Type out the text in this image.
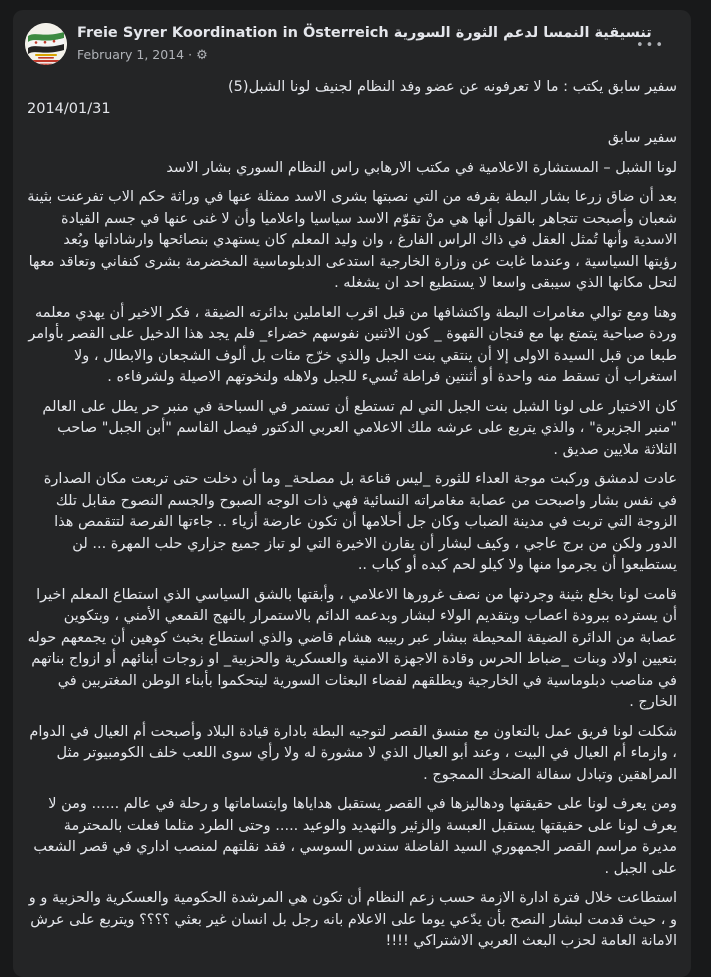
Freie Syrer Koordination in Österreich تنسيقية النمسا لدعم الثورة السورية
February 1, 2014 · ⚙
•••
سفير سابق يكتب : ما لا تعرفونه عن عضو وفد النظام لجنيف لونا الشبل(5)
2014/01/31
سفير سابق
لونا الشبل – المستشارة الاعلامية في مكتب الارهابي راس النظام السوري بشار الاسد
بعد أن ضاق زرعا بشار البطة بقرفه من التي نصبتها بشرى الاسد ممثلة عنها في وراثة حكم الاب تفرعنت بثينة شعبان وأصبحت تتجاهر بالقول أنها هي منْ تقوّم الاسد سياسيا واعلاميا وأن لا غنى عنها في جسم القيادة الاسدية وأنها تُمثل العقل في ذاك الراس الفارغ ، وان وليد المعلم كان يستهدي بنصائحها وارشاداتها وبُعد رؤيتها السياسية ، وعندما غابت عن وزارة الخارجية استدعى الدبلوماسية المخضرمة بشرى كنفاني وتعاقد معها لتحل مكانها الذي سيبقى واسعا لا يستطيع احد ان يشغله .
وهنا ومع توالي مغامرات البطة واكتشافها من قبل اقرب العاملين بدائرته الضيقة ، فكر الاخير أن يهدي معلمه وردة صباحية يتمتع بها مع فنجان القهوة _ كون الاثنين نفوسهم خضراء_ فلم يجد هذا الدخيل على القصر بأوامر طبعا من قبل السيدة الاولى إلا أن ينتقي بنت الجبل والذي خرّج مئات بل ألوف الشجعان والابطال ، ولا استغراب أن تسقط منه واحدة أو أثنتين فراطة تُسيء للجبل ولاهله ولنخوتهم الاصيلة ولشرفاءه .
كان الاختيار على لونا الشبل بنت الجبل التي لم تستطع أن تستمر في السباحة في منبر حر يطل على العالم "منبر الجزيرة" ، والذي يتربع على عرشه ملك الاعلامي العربي الدكتور فيصل القاسم "أبن الجبل" صاحب الثلاثة ملايين صديق .
عادت لدمشق وركبت موجة العداء للثورة _ليس قناعة بل مصلحة_ وما أن دخلت حتى تربعت مكان الصدارة في نفس بشار واصبحت من عصابة مغامراته النسائية فهي ذات الوجه الصبوح والجسم النصوح مقابل تلك الزوجة التي تربت في مدينة الضباب وكان جل أحلامها أن تكون عارضة أزياء .. جاءتها الفرصة لتتقمص هذا الدور ولكن من برج عاجي ، وكيف لبشار أن يقارن الاخيرة التي لو تباز جميع جزاري حلب المهرة ... لن يستطيعوا أن يجرموا منها ولا كيلو لحم كبده أو كباب ..
قامت لونا بخلع بثينة وجردتها من نصف غرورها الاعلامي ، وأبقتها بالشق السياسي الذي استطاع المعلم اخيرا أن يسترده ببرودة اعصاب وبتقديم الولاء لبشار وبدعمه الدائم بالاستمرار بالنهج القمعي الأمني ، وبتكوين عصابة من الدائرة الضيقة المحيطة ببشار عبر ربيبه هشام قاضي والذي استطاع بخبث كوهين أن يجمعهم حوله بتعيين اولاد وبنات _ضباط الحرس وقادة الاجهزة الامنية والعسكرية والحزبية_ او زوجات أبنائهم أو ازواج بناتهم في مناصب دبلوماسية في الخارجية ويطلقهم لفضاء البعثات السورية ليتحكموا بأبناء الوطن المغتربين في الخارج .
شكلت لونا فريق عمل بالتعاون مع منسق القصر لتوجيه البطة بادارة قيادة البلاد وأصبحت أم العيال في الدوام ، وازماء أم العيال في البيت ، وعند أبو العيال الذي لا مشورة له ولا رأي سوى اللعب خلف الكومبيوتر مثل المراهقين وتبادل سفالة الضحك الممجوج .
ومن يعرف لونا على حقيقتها ودهاليزها في القصر يستقبل هداياها وابتساماتها و رحلة في عالم ...... ومن لا يعرف لونا على حقيقتها يستقبل العبسة والزئير والتهديد والوعيد ..... وحتى الطرد مثلما فعلت بالمحترمة مديرة مراسم القصر الجمهوري السيد الفاضلة سندس السوسي ، فقد نقلتهم لمنصب اداري في قصر الشعب على الجبل .
استطاعت خلال فترة ادارة الازمة حسب زعم النظام أن تكون هي المرشدة الحكومية والعسكرية والحزبية و و و ، حيث قدمت لبشار النصح بأن يدّعي يوما على الاعلام بانه رجل بل انسان غير بعثي ؟؟؟؟ ويتربع على عرش الامانة العامة لحزب البعث العربي الاشتراكي !!!!
